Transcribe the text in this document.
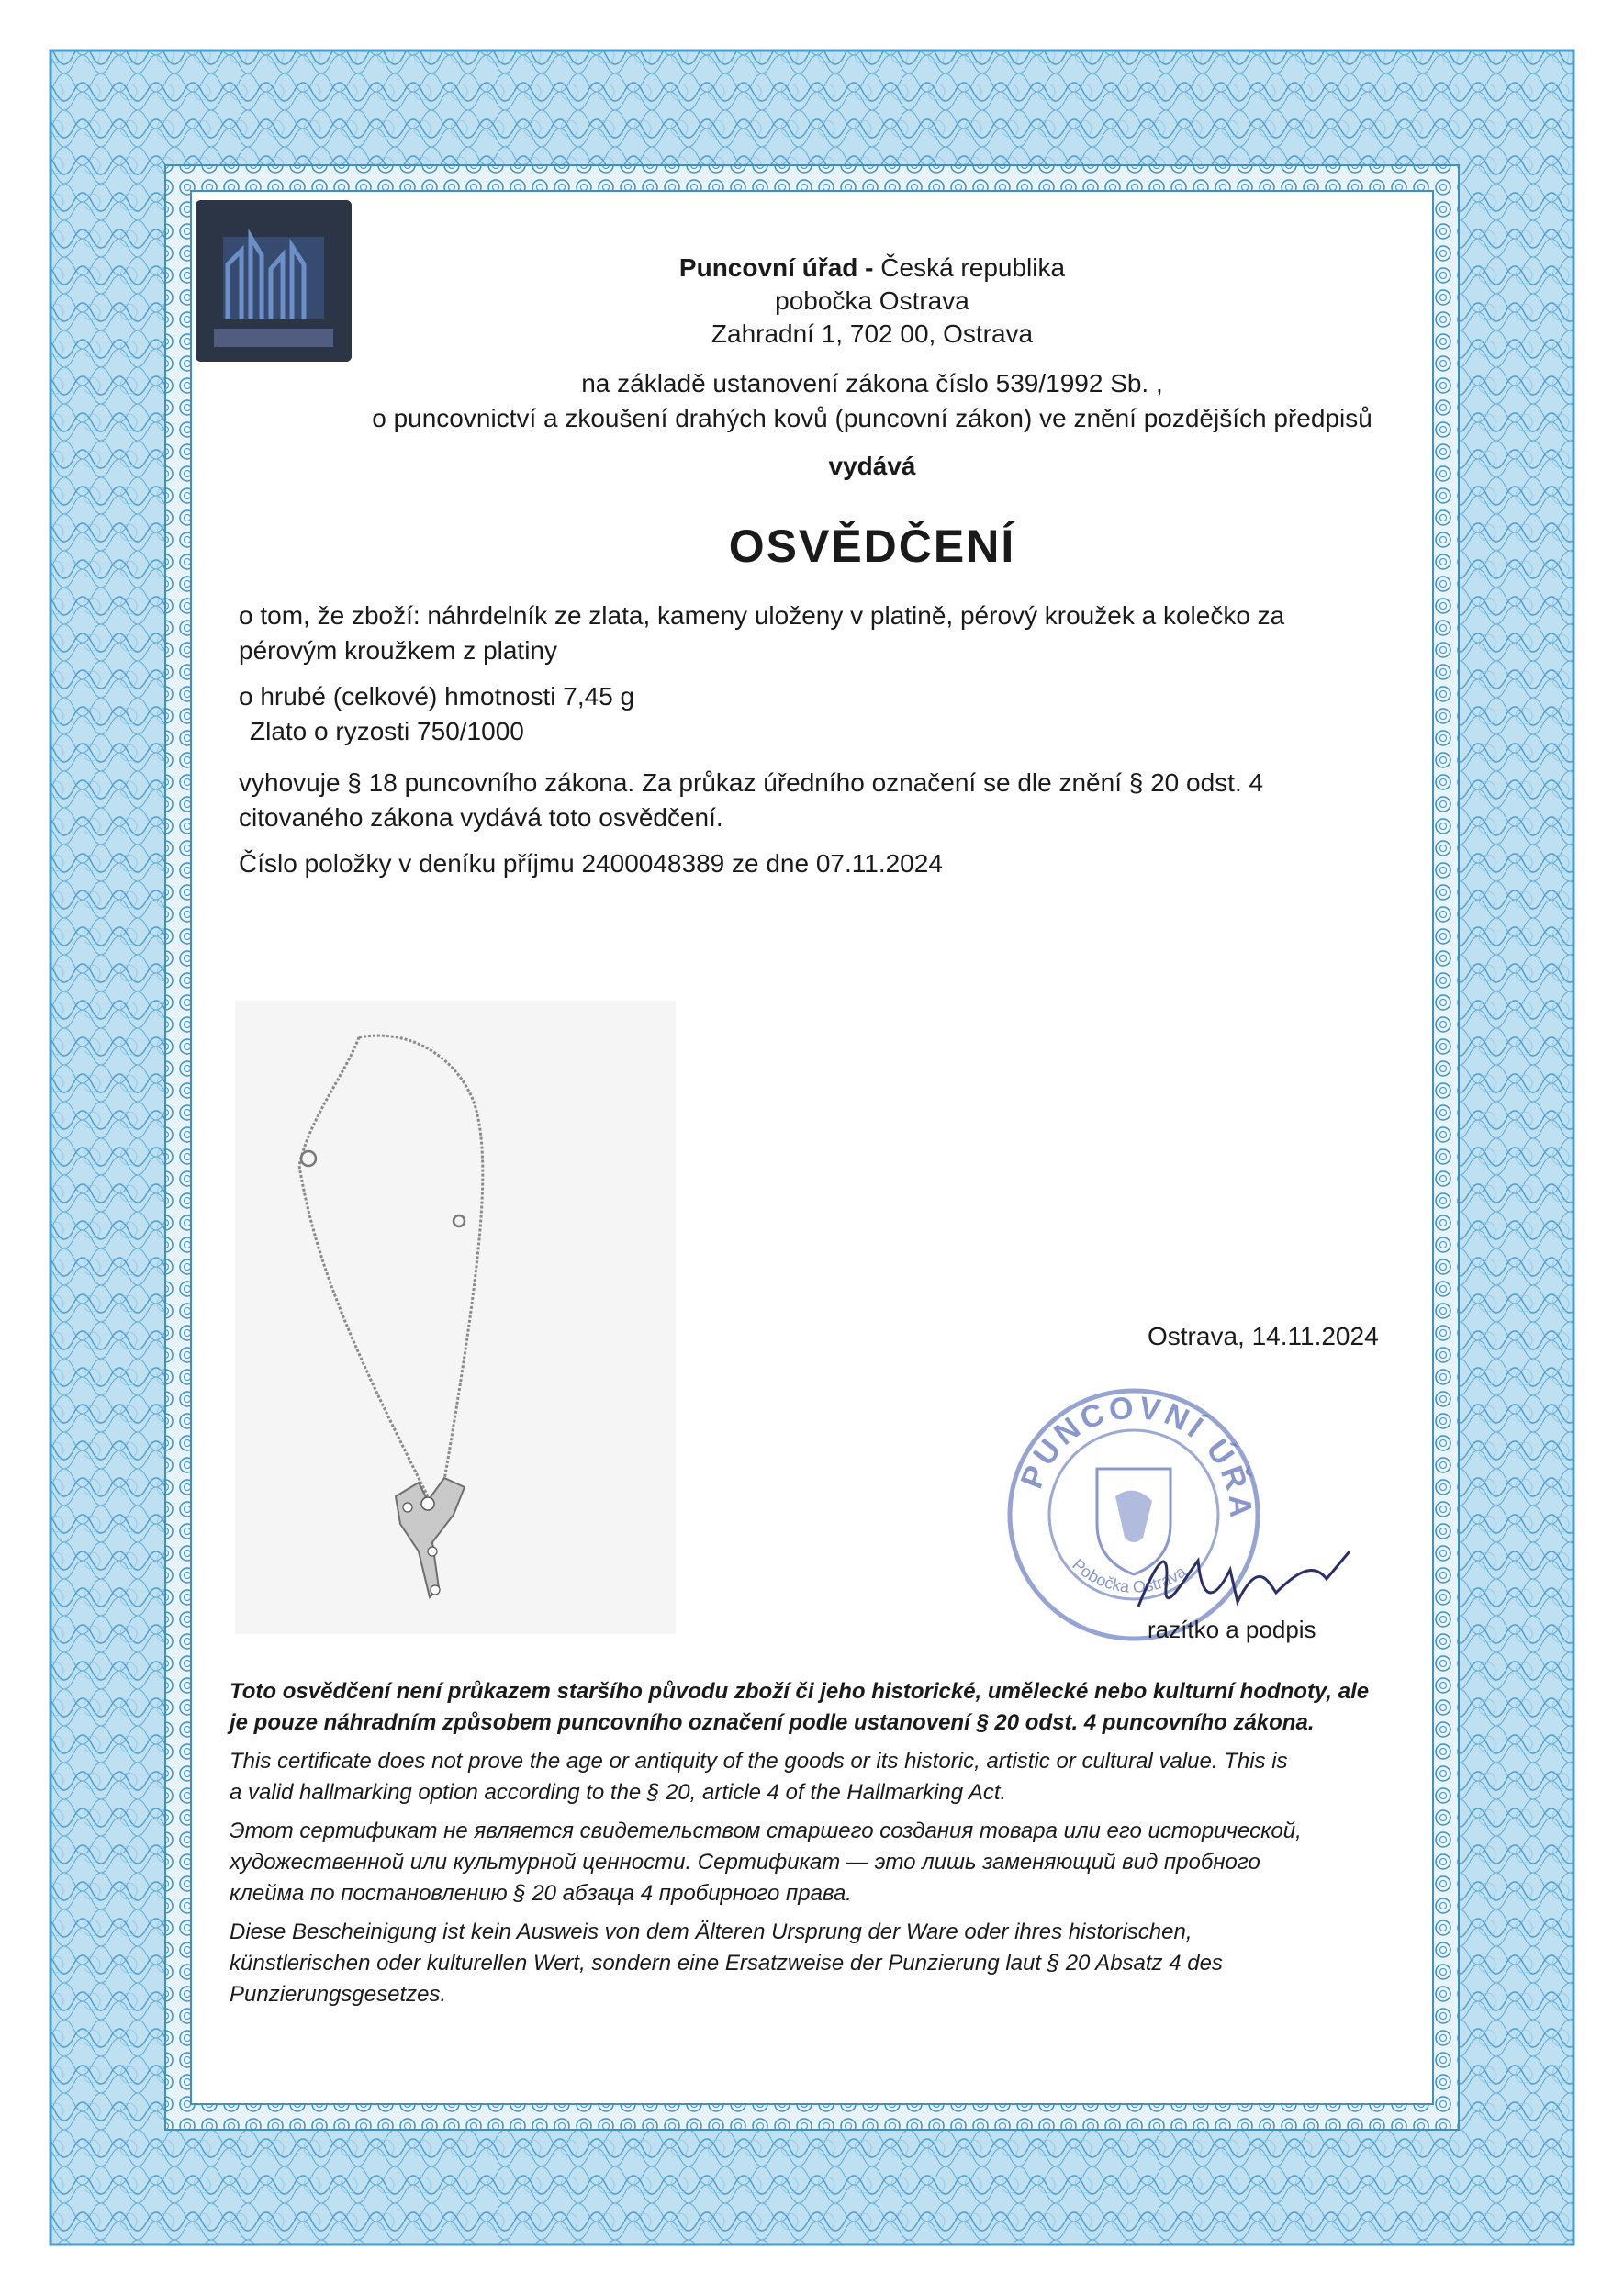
Puncovní úřad - Česká republika
pobočka Ostrava
Zahradní 1, 702 00, Ostrava
na základě ustanovení zákona číslo 539/1992 Sb. ,
o puncovnictví a zkoušení drahých kovů (puncovní zákon) ve znění pozdějších předpisů
vydává
OSVĚDČENÍ
o tom, že zboží: náhrdelník ze zlata, kameny uloženy v platině, pérový kroužek a kolečko za
pérovým kroužkem z platiny
o hrubé (celkové) hmotnosti 7,45 g
Zlato o ryzosti 750/1000
vyhovuje § 18 puncovního zákona. Za průkaz úředního označení se dle znění § 20 odst. 4
citovaného zákona vydává toto osvědčení.
Číslo položky v deníku příjmu 2400048389 ze dne 07.11.2024
Ostrava, 14.11.2024
PUNCOVNÍ ÚŘA
Pobočka Ostrava
razítko a podpis
Toto osvědčení není průkazem staršího původu zboží či jeho historické, umělecké nebo kulturní hodnoty, ale
je pouze náhradním způsobem puncovního označení podle ustanovení § 20 odst. 4 puncovního zákona.
This certificate does not prove the age or antiquity of the goods or its historic, artistic or cultural value. This is
a valid hallmarking option according to the § 20, article 4 of the Hallmarking Act.
Этот сертификат не является свидетельством старшего создания товара или его исторической,
художественной или культурной ценности. Сертификат — это лишь заменяющий вид пробного
клейма по постановлению § 20 абзаца 4 пробирного права.
Diese Bescheinigung ist kein Ausweis von dem Älteren Ursprung der Ware oder ihres historischen,
künstlerischen oder kulturellen Wert, sondern eine Ersatzweise der Punzierung laut § 20 Absatz 4 des
Punzierungsgesetzes.
